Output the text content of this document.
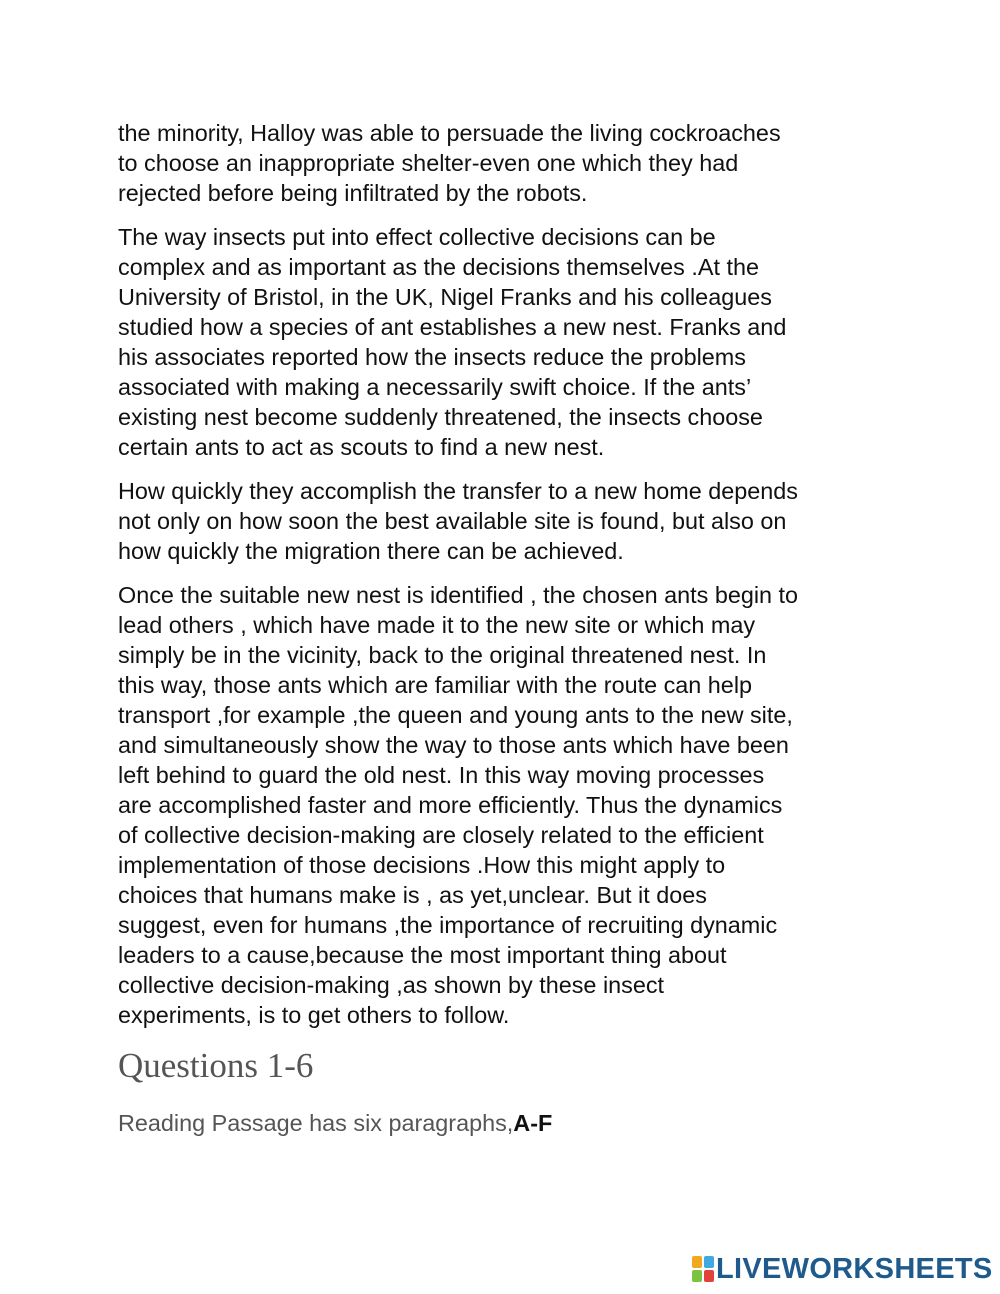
the minority, Halloy was able to persuade the living cockroaches
to choose an inappropriate shelter-even one which they had
rejected before being infiltrated by the robots.

The way insects put into effect collective decisions can be
complex and as important as the decisions themselves .At the
University of Bristol, in the UK, Nigel Franks and his colleagues
studied how a species of ant establishes a new nest. Franks and
his associates reported how the insects reduce the problems
associated with making a necessarily swift choice. If the ants’
existing nest become suddenly threatened, the insects choose
certain ants to act as scouts to find a new nest.

How quickly they accomplish the transfer to a new home depends
not only on how soon the best available site is found, but also on
how quickly the migration there can be achieved.

Once the suitable new nest is identified , the chosen ants begin to
lead others , which have made it to the new site or which may
simply be in the vicinity, back to the original threatened nest. In
this way, those ants which are familiar with the route can help
transport ,for example ,the queen and young ants to the new site,
and simultaneously show the way to those ants which have been
left behind to guard the old nest. In this way moving processes
are accomplished faster and more efficiently. Thus the dynamics
of collective decision-making are closely related to the efficient
implementation of those decisions .How this might apply to
choices that humans make is , as yet,unclear. But it does
suggest, even for humans ,the importance of recruiting dynamic
leaders to a cause,because the most important thing about
collective decision-making ,as shown by these insect
experiments, is to get others to follow.

Questions 1-6
Reading Passage has six paragraphs,A-F
LIVEWORKSHEETS
